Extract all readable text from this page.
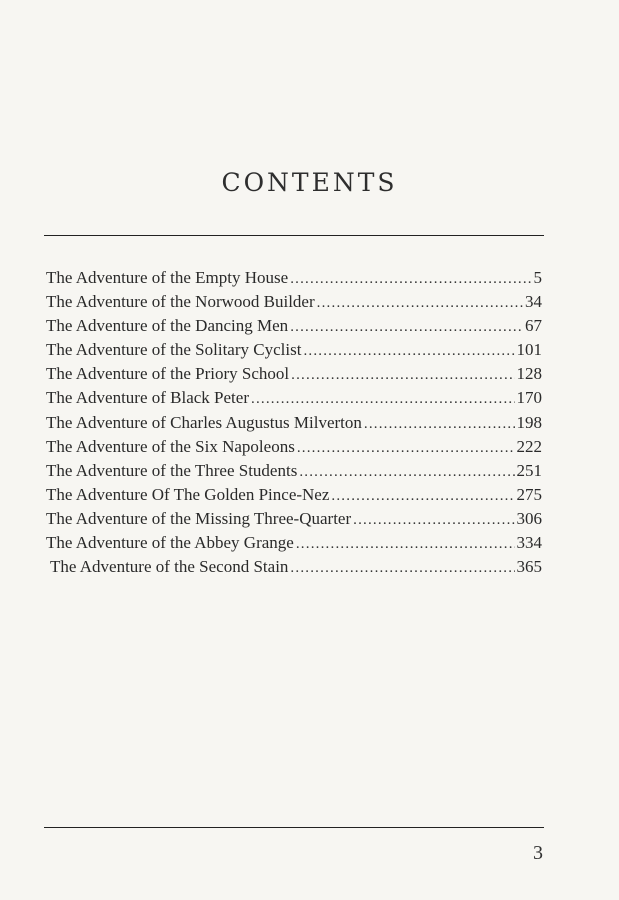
CONTENTS
The Adventure of the Empty House .....	5
The Adventure of the Norwood Builder .....	34
The Adventure of the Dancing Men .....	67
The Adventure of the Solitary Cyclist .....	101
The Adventure of the Priory School .....	128
The Adventure of Black Peter .....	170
The Adventure of Charles Augustus Milverton .....	198
The Adventure of the Six Napoleons .....	222
The Adventure of the Three Students .....	251
The Adventure Of The Golden Pince-Nez .....	275
The Adventure of the Missing Three-Quarter .....	306
The Adventure of the Abbey Grange .....	334
The Adventure of the Second Stain .....	365
3
